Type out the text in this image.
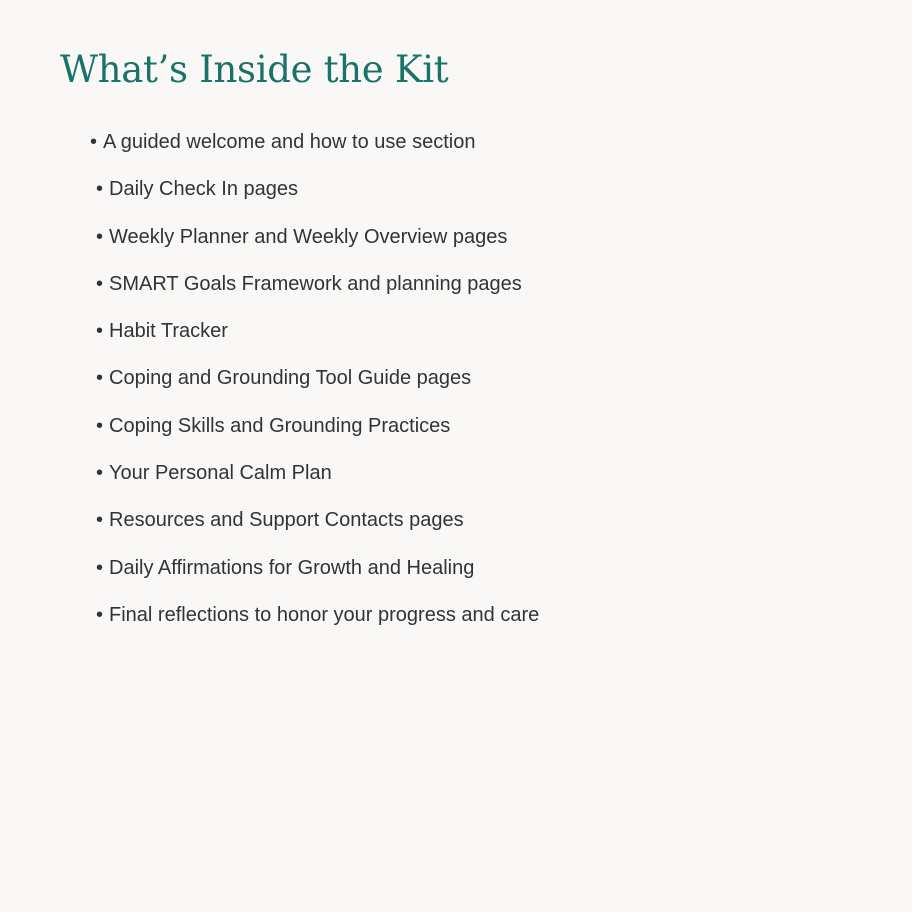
What’s Inside the Kit
• A guided welcome and how to use section
• Daily Check In pages
• Weekly Planner and Weekly Overview pages
• SMART Goals Framework and planning pages
• Habit Tracker
• Coping and Grounding Tool Guide pages
• Coping Skills and Grounding Practices
• Your Personal Calm Plan
• Resources and Support Contacts pages
• Daily Affirmations for Growth and Healing
• Final reflections to honor your progress and care
